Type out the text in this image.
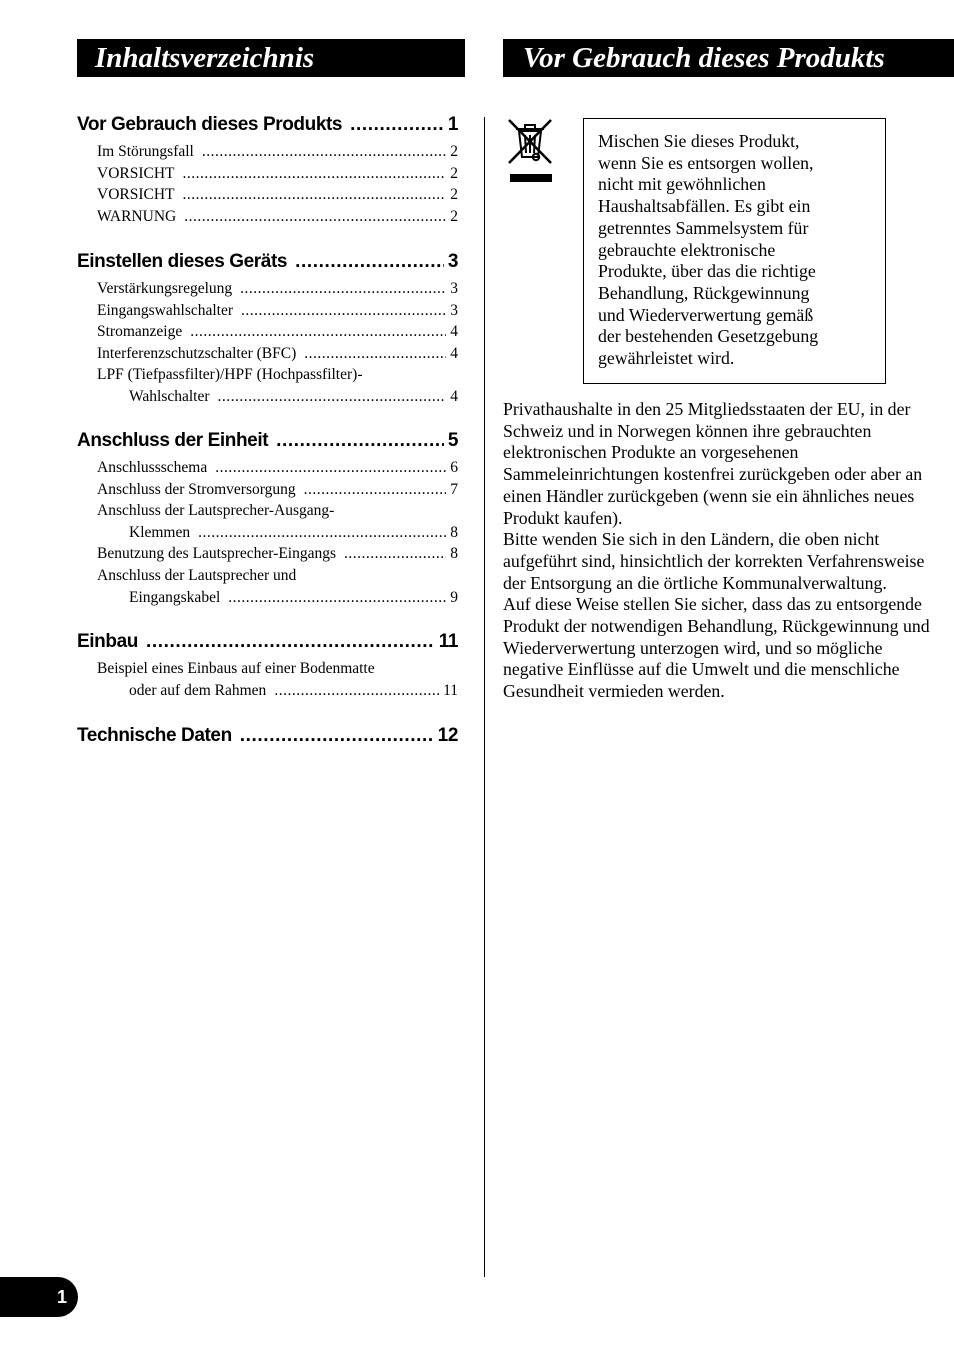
Inhaltsverzeichnis	Vor Gebrauch dieses Produkts
Vor Gebrauch dieses Produkts .....	1
Im Störungsfall .....	2
VORSICHT .....	2
VORSICHT .....	2
WARNUNG .....	2
Einstellen dieses Geräts .....	3
Verstärkungsregelung .....	3
Eingangswahlschalter .....	3
Stromanzeige .....	4
Interferenzschutzschalter (BFC) .....	4
LPF (Tiefpassfilter)/HPF (Hochpassfilter)-
Wahlschalter .....	4
Anschluss der Einheit .....	5
Anschlussschema .....	6
Anschluss der Stromversorgung .....	7
Anschluss der Lautsprecher-Ausgang-
Klemmen .....	8
Benutzung des Lautsprecher-Eingangs .....	8
Anschluss der Lautsprecher und
Eingangskabel .....	9
Einbau .....	11
Beispiel eines Einbaus auf einer Bodenmatte
oder auf dem Rahmen .....	11
Technische Daten .....	12
Mischen Sie dieses Produkt,
wenn Sie es entsorgen wollen,
nicht mit gewöhnlichen
Haushaltsabfällen. Es gibt ein
getrenntes Sammelsystem für
gebrauchte elektronische
Produkte, über das die richtige
Behandlung, Rückgewinnung
und Wiederverwertung gemäß
der bestehenden Gesetzgebung
gewährleistet wird.
Privathaushalte in den 25 Mitgliedsstaaten der EU, in der Schweiz und in Norwegen können ihre gebrauchten elektronischen Produkte an vorgesehenen Sammeleinrichtungen kostenfrei zurückgeben oder aber an einen Händler zurückgeben (wenn sie ein ähnliches neues Produkt kaufen).
Bitte wenden Sie sich in den Ländern, die oben nicht aufgeführt sind, hinsichtlich der korrekten Verfahrensweise der Entsorgung an die örtliche Kommunalverwaltung.
Auf diese Weise stellen Sie sicher, dass das zu entsorgende Produkt der notwendigen Behandlung, Rückgewinnung und Wiederverwertung unterzogen wird, und so mögliche negative Einflüsse auf die Umwelt und die menschliche Gesundheit vermieden werden.
1
